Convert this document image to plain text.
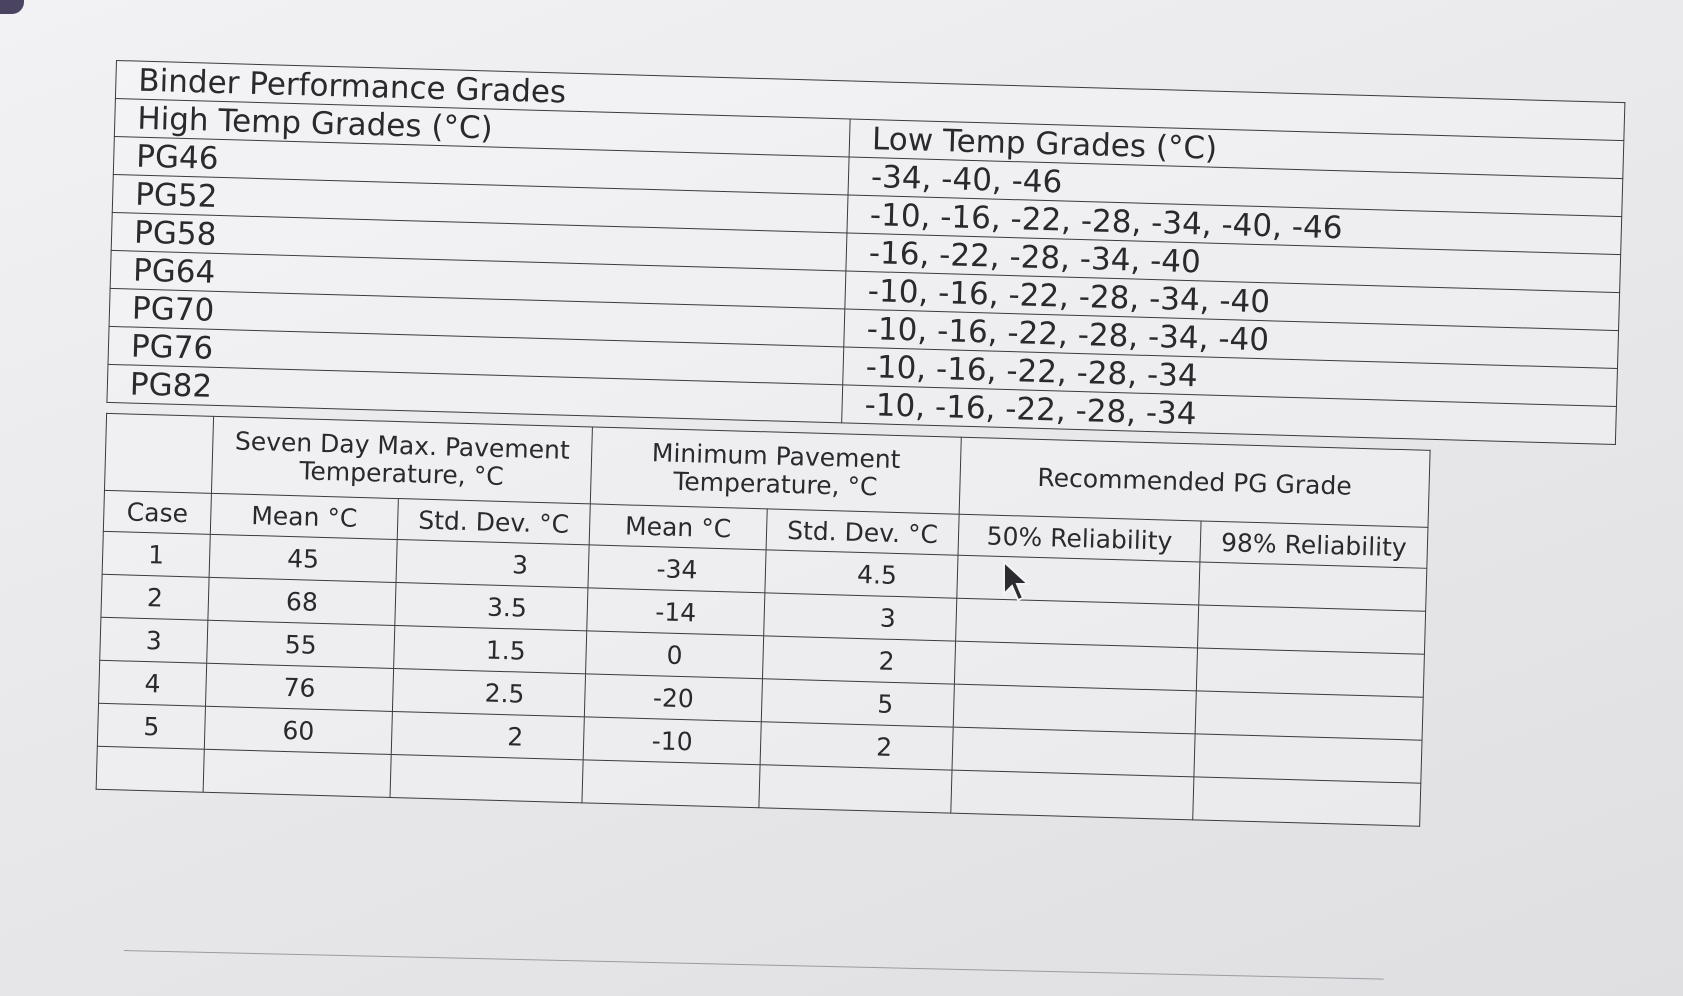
Binder Performance Grades	
High Temp Grades (°C)	Low Temp Grades (°C)
PG46	-34, -40, -46
PG52	-10, -16, -22, -28, -34, -40, -46
PG58	-16, -22, -28, -34, -40
PG64	-10, -16, -22, -28, -34, -40
PG70	-10, -16, -22, -28, -34, -40
PG76	-10, -16, -22, -28, -34
PG82	-10, -16, -22, -28, -34
	Seven Day Max. Pavement Temperature, °C		Minimum Pavement Temperature, °C		Recommended PG Grade	
Case	Mean °C	Std. Dev. °C	Mean °C	Std. Dev. °C	50% Reliability	98% Reliability
1	45	3	-34	4.5		
2	68	3.5	-14	3		
3	55	1.5	0	2		
4	76	2.5	-20	5		
5	60	2	-10	2		
